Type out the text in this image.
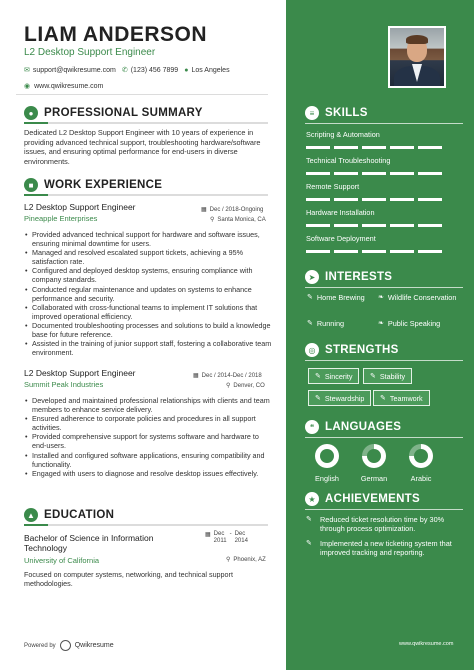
LIAM ANDERSON
L2 Desktop Support Engineer
✉ support@qwikresume.com ✆ (123) 456 7899 ● Los Angeles
◉ www.qwikresume.com
● PROFESSIONAL SUMMARY
Dedicated L2 Desktop Support Engineer with 10 years of experience in providing advanced technical support, troubleshooting hardware/software issues, and ensuring optimal performance for end-users in diverse environments.
■ WORK EXPERIENCE
L2 Desktop Support Engineer
Pineapple Enterprises
▦ Dec / 2018-Ongoing
⚲ Santa Monica, CA
• Provided advanced technical support for hardware and software issues, ensuring minimal downtime for users.
• Managed and resolved escalated support tickets, achieving a 95% satisfaction rate.
• Configured and deployed desktop systems, ensuring compliance with company standards.
• Conducted regular maintenance and updates on systems to enhance performance and security.
• Collaborated with cross-functional teams to implement IT solutions that improved operational efficiency.
• Documented troubleshooting processes and solutions to build a knowledge base for future reference.
• Assisted in the training of junior support staff, fostering a collaborative team environment.
L2 Desktop Support Engineer
Summit Peak Industries
▦ Dec / 2014-Dec / 2018
⚲ Denver, CO
• Developed and maintained professional relationships with clients and team members to enhance service delivery.
• Ensured adherence to corporate policies and procedures in all support activities.
• Provided comprehensive support for systems software and hardware to end-users.
• Installed and configured software applications, ensuring compatibility and functionality.
• Engaged with users to diagnose and resolve desktop issues effectively.
▲ EDUCATION
Bachelor of Science in Information Technology
University of California
▦ Dec
2011
- Dec
2014
⚲ Phoenix, AZ
Focused on computer systems, networking, and technical support methodologies.
Powered by	Qwikresume
≡ SKILLS
Scripting & Automation
Technical Troubleshooting
Remote Support
Hardware Installation
Software Deployment
➤ INTERESTS
✎ Home Brewing ❧ Wildlife Conservation
✎ Running	❧ Public Speaking
◎ STRENGTHS
✎ Sincerity	✎ Stability
✎ Stewardship ✎ Teamwork
❝ LANGUAGES
English	German	Arabic
★ ACHIEVEMENTS
✎	Reduced ticket resolution time by 30% through process optimization.
✎	Implemented a new ticketing system that improved tracking and reporting.
www.qwikresume.com
